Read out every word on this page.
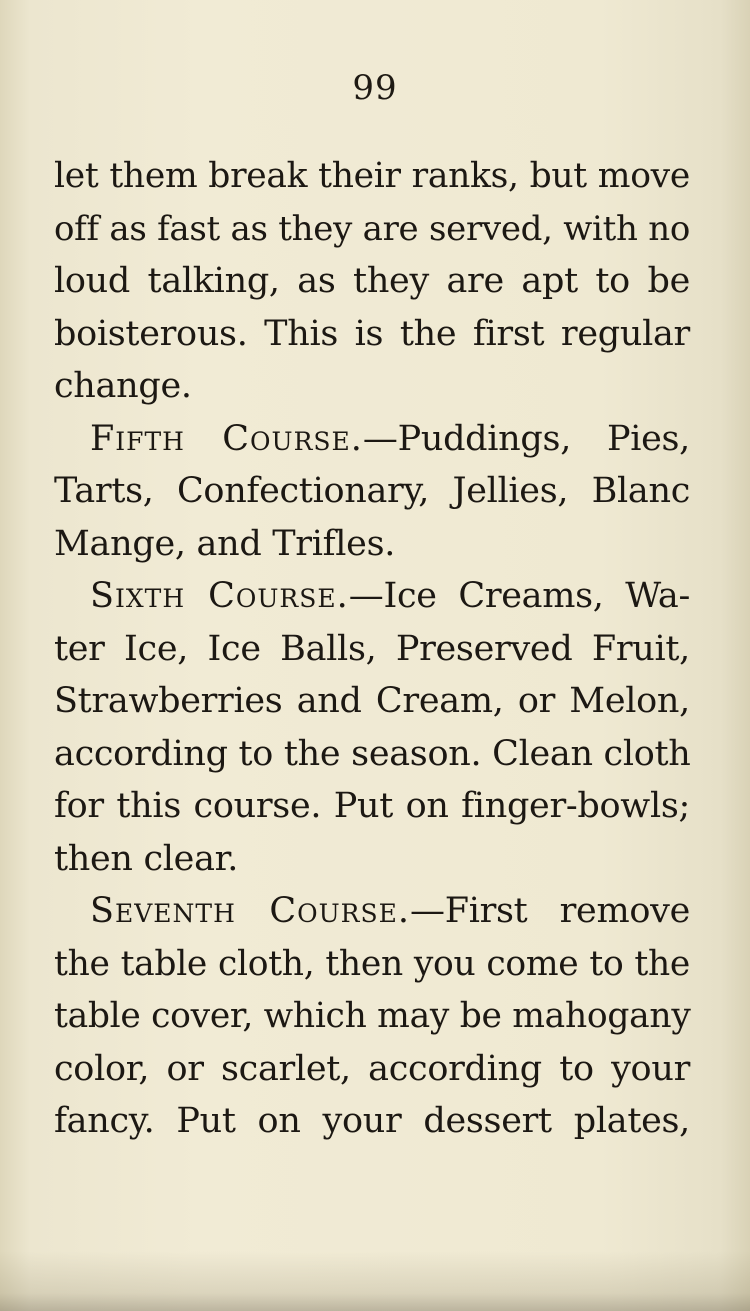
99
let them break their ranks, but move
off as fast as they are served, with no
loud talking, as they are apt to be
boisterous. This is the first regular
change.
Fifth Course.—Puddings, Pies,
Tarts, Confectionary, Jellies, Blanc
Mange, and Trifles.
Sixth Course.—Ice Creams, Wa-
ter Ice, Ice Balls, Preserved Fruit,
Strawberries and Cream, or Melon,
according to the season. Clean cloth
for this course. Put on finger-bowls;
then clear.
Seventh Course.—First remove
the table cloth, then you come to the
table cover, which may be mahogany
color, or scarlet, according to your
fancy. Put on your dessert plates,
